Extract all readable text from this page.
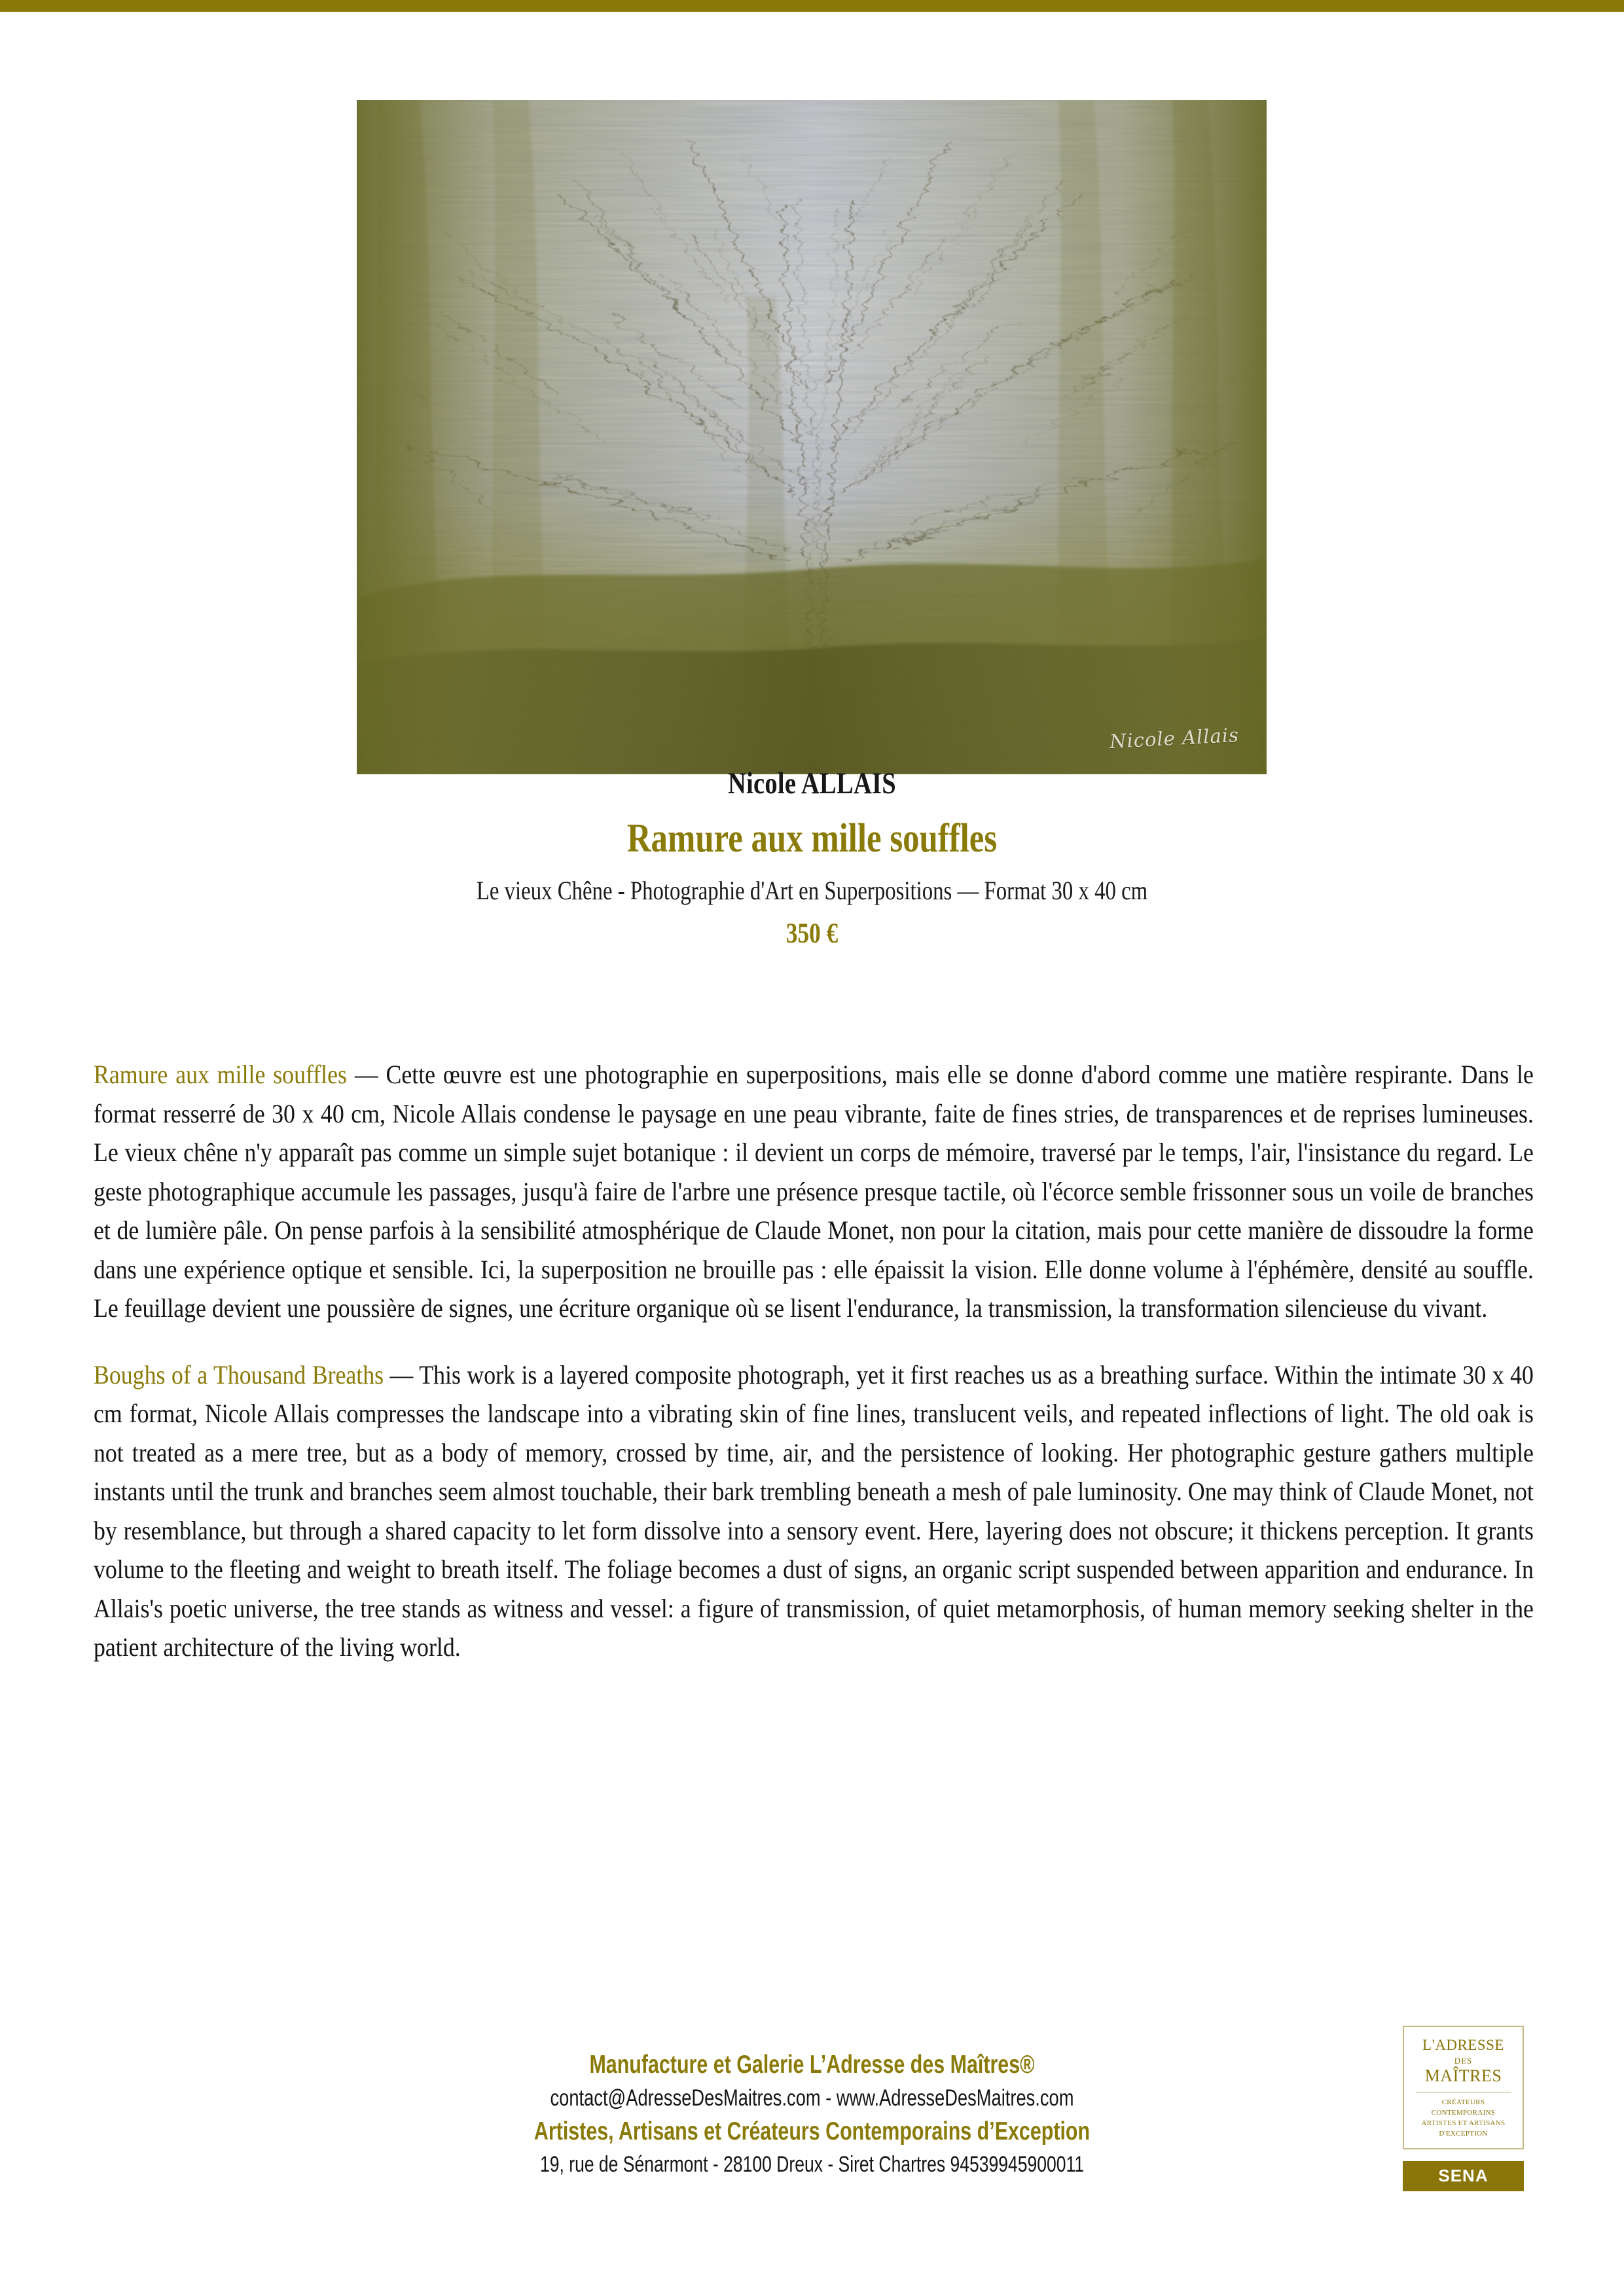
Nicole Allais
Nicole ALLAIS
Ramure aux mille souffles
Le vieux Chêne - Photographie d'Art en Superpositions — Format 30 x 40 cm
350 €

Ramure aux mille souffles — Cette œuvre est une photographie en superpositions, mais elle se donne d'abord comme une matière respirante. Dans le format resserré de 30 x 40 cm, Nicole Allais condense le paysage en une peau vibrante, faite de fines stries, de transparences et de reprises lumineuses. Le vieux chêne n'y apparaît pas comme un simple sujet botanique : il devient un corps de mémoire, traversé par le temps, l'air, l'insistance du regard. Le geste photographique accumule les passages, jusqu'à faire de l'arbre une présence presque tactile, où l'écorce semble frissonner sous un voile de branches et de lumière pâle. On pense parfois à la sensibilité atmosphérique de Claude Monet, non pour la citation, mais pour cette manière de dissoudre la forme dans une expérience optique et sensible. Ici, la superposition ne brouille pas : elle épaissit la vision. Elle donne volume à l'éphémère, densité au souffle. Le feuillage devient une poussière de signes, une écriture organique où se lisent l'endurance, la transmission, la transformation silencieuse du vivant.

Boughs of a Thousand Breaths — This work is a layered composite photograph, yet it first reaches us as a breathing surface. Within the intimate 30 x 40 cm format, Nicole Allais compresses the landscape into a vibrating skin of fine lines, translucent veils, and repeated inflections of light. The old oak is not treated as a mere tree, but as a body of memory, crossed by time, air, and the persistence of looking. Her photographic gesture gathers multiple instants until the trunk and branches seem almost touchable, their bark trembling beneath a mesh of pale luminosity. One may think of Claude Monet, not by resemblance, but through a shared capacity to let form dissolve into a sensory event. Here, layering does not obscure; it thickens perception. It grants volume to the fleeting and weight to breath itself. The foliage becomes a dust of signs, an organic script suspended between apparition and endurance. In Allais's poetic universe, the tree stands as witness and vessel: a figure of transmission, of quiet metamorphosis, of human memory seeking shelter in the patient architecture of the living world.

Manufacture et Galerie L’Adresse des Maîtres®
contact@AdresseDesMaitres.com - www.AdresseDesMaitres.com
Artistes, Artisans et Créateurs Contemporains d’Exception
19, rue de Sénarmont - 28100 Dreux - Siret Chartres 94539945900011
L'ADRESSE
DES
MAÎTRES
CRÉATEURS CONTEMPORAINS
ARTISTES ET ARTISANS
D'EXCEPTION
SENA
